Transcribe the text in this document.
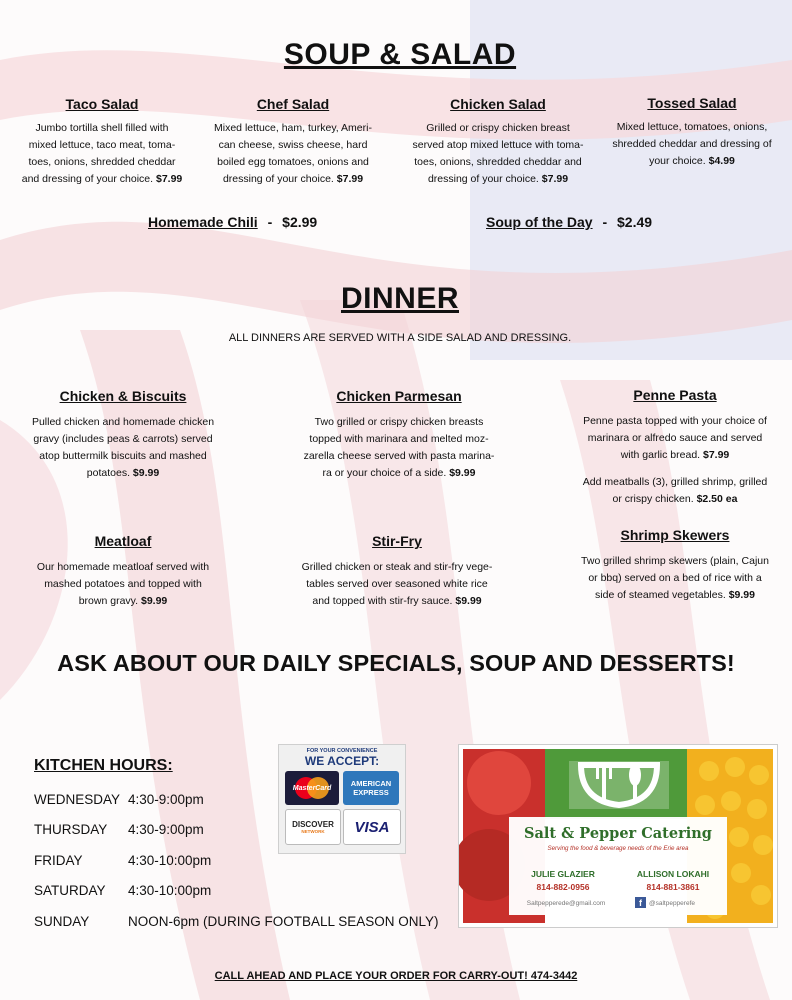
SOUP & SALAD
Taco Salad
Jumbo tortilla shell filled with
mixed lettuce, taco meat, toma-
toes, onions, shredded cheddar
and dressing of your choice. $7.99
Chef Salad
Mixed lettuce, ham, turkey, Ameri-
can cheese, swiss cheese, hard
boiled egg tomatoes, onions and
dressing of your choice. $7.99
Chicken Salad
Grilled or crispy chicken breast
served atop mixed lettuce with toma-
toes, onions, shredded cheddar and
dressing of your choice. $7.99
Tossed Salad
Mixed lettuce, tomatoes, onions,
shredded cheddar and dressing of
your choice. $4.99
Homemade Chili - $2.99	Soup of the Day - $2.49
DINNER
ALL DINNERS ARE SERVED WITH A SIDE SALAD AND DRESSING.
Chicken & Biscuits
Pulled chicken and homemade chicken
gravy (includes peas & carrots) served
atop buttermilk biscuits and mashed
potatoes. $9.99
Chicken Parmesan
Two grilled or crispy chicken breasts
topped with marinara and melted moz-
zarella cheese served with pasta marina-
ra or your choice of a side. $9.99
Penne Pasta
Penne pasta topped with your choice of
marinara or alfredo sauce and served
with garlic bread. $7.99
Add meatballs (3), grilled shrimp, grilled
or crispy chicken. $2.50 ea
Meatloaf
Our homemade meatloaf served with
mashed potatoes and topped with
brown gravy. $9.99
Stir-Fry
Grilled chicken or steak and stir-fry vege-
tables served over seasoned white rice
and topped with stir-fry sauce. $9.99
Shrimp Skewers
Two grilled shrimp skewers (plain, Cajun
or bbq) served on a bed of rice with a
side of steamed vegetables. $9.99
ASK ABOUT OUR DAILY SPECIALS, SOUP AND DESSERTS!
KITCHEN HOURS:
WEDNESDAY 4:30-9:00pm
THURSDAY 4:30-9:00pm
FRIDAY	4:30-10:00pm
SATURDAY 4:30-10:00pm
SUNDAY	NOON-6pm (DURING FOOTBALL SEASON ONLY)
FOR YOUR CONVENIENCE
WE ACCEPT:
MasterCard	AMERICAN EXPRESS
DISCOVER
NETWORK	VISA	Salt & Pepper Catering
Serving the food & beverage needs of the Erie area
JULIE GLAZIER
814-882-0956
ALLISON LOKAHI
814-881-3861
Saltpepperede@gmail.com	f	@saltpepperefe
CALL AHEAD AND PLACE YOUR ORDER FOR CARRY-OUT! 474-3442
